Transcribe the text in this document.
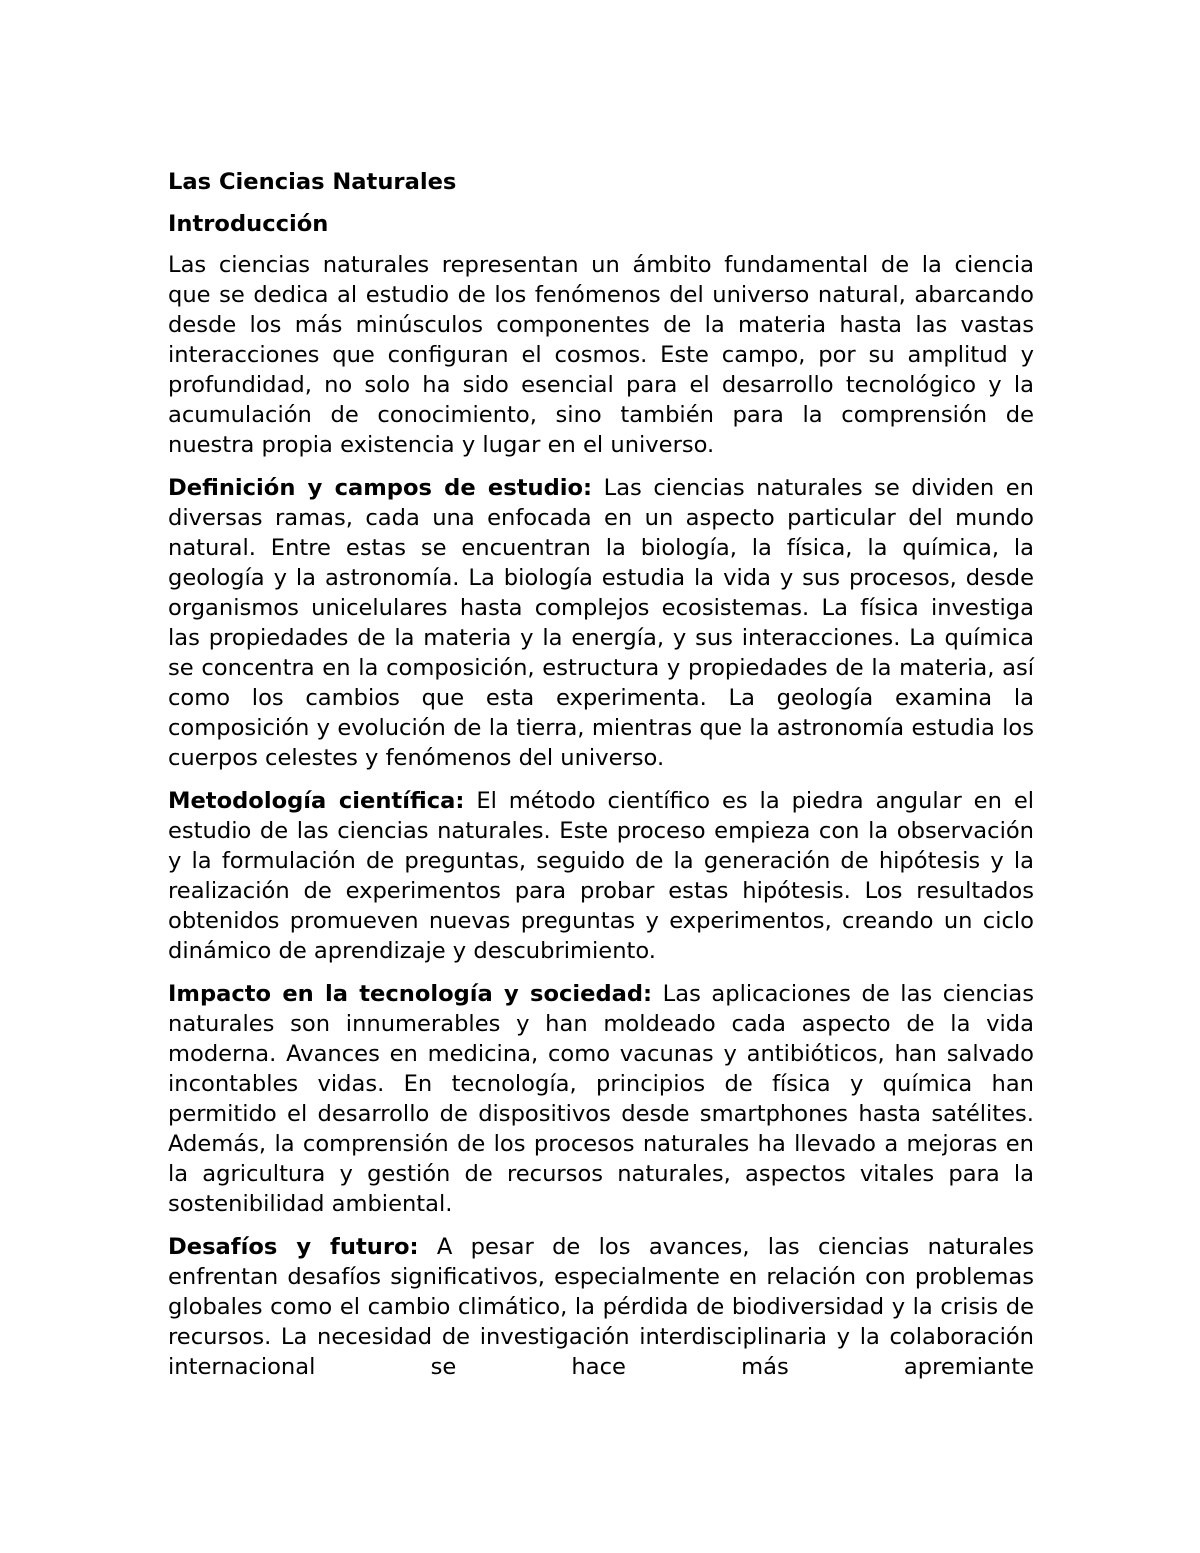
Las Ciencias Naturales

Introducción

Las ciencias naturales representan un ámbito fundamental de la ciencia que se dedica al estudio de los fenómenos del universo natural, abarcando desde los más minúsculos componentes de la materia hasta las vastas interacciones que configuran el cosmos. Este campo, por su amplitud y profundidad, no solo ha sido esencial para el desarrollo tecnológico y la acumulación de conocimiento, sino también para la comprensión de nuestra propia existencia y lugar en el universo.

Definición y campos de estudio: Las ciencias naturales se dividen en diversas ramas, cada una enfocada en un aspecto particular del mundo natural. Entre estas se encuentran la biología, la física, la química, la geología y la astronomía. La biología estudia la vida y sus procesos, desde organismos unicelulares hasta complejos ecosistemas. La física investiga las propiedades de la materia y la energía, y sus interacciones. La química se concentra en la composición, estructura y propiedades de la materia, así como los cambios que esta experimenta. La geología examina la composición y evolución de la tierra, mientras que la astronomía estudia los cuerpos celestes y fenómenos del universo.

Metodología científica: El método científico es la piedra angular en el estudio de las ciencias naturales. Este proceso empieza con la observación y la formulación de preguntas, seguido de la generación de hipótesis y la realización de experimentos para probar estas hipótesis. Los resultados obtenidos promueven nuevas preguntas y experimentos, creando un ciclo dinámico de aprendizaje y descubrimiento.

Impacto en la tecnología y sociedad: Las aplicaciones de las ciencias naturales son innumerables y han moldeado cada aspecto de la vida moderna. Avances en medicina, como vacunas y antibióticos, han salvado incontables vidas. En tecnología, principios de física y química han permitido el desarrollo de dispositivos desde smartphones hasta satélites. Además, la comprensión de los procesos naturales ha llevado a mejoras en la agricultura y gestión de recursos naturales, aspectos vitales para la sostenibilidad ambiental.

Desafíos y futuro: A pesar de los avances, las ciencias naturales enfrentan desafíos significativos, especialmente en relación con problemas globales como el cambio climático, la pérdida de biodiversidad y la crisis de recursos. La necesidad de investigación interdisciplinaria y la colaboración internacional se hace más apremiante
